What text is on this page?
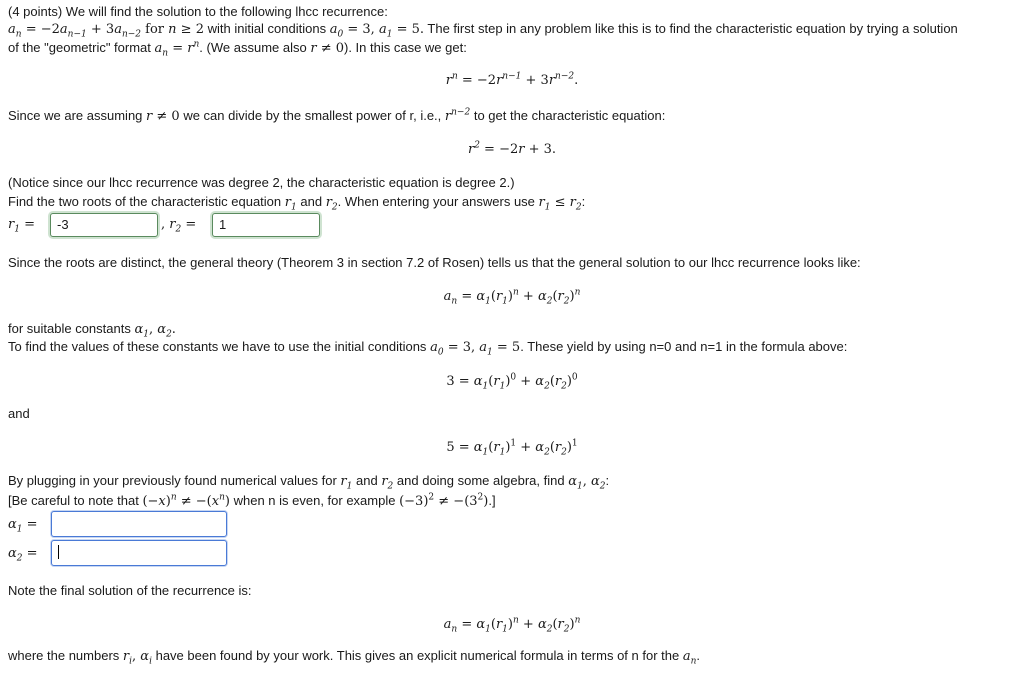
(4 points) We will find the solution to the following lhcc recurrence:
$a_n = -2a_{n-1} + 3a_{n-2}$ for n ≥ 2 with initial conditions $a_0 = 3$, $a_1 = 5$. The first step in any problem like this is to find the characteristic equation by trying a solution
of the "geometric" format $a_n = r^n$. (We assume also r ≠ 0). In this case we get:
$r^n = -2r^{n-1} + 3r^{n-2}$.
Since we are assuming r ≠ 0 we can divide by the smallest power of r, i.e., $r^{n-2}$ to get the characteristic equation:
$r^2 = -2r + 3$.
(Notice since our lhcc recurrence was degree 2, the characteristic equation is degree 2.)
Find the two roots of the characteristic equation $r_1$ and $r_2$. When entering your answers use $r_1 \le r_2$:
$r_1$ =	-3	, $r_2$ =	1
Since the roots are distinct, the general theory (Theorem 3 in section 7.2 of Rosen) tells us that the general solution to our lhcc recurrence looks like:
$a_n = \alpha_1(r_1)^n + \alpha_2(r_2)^n$
for suitable constants $\alpha_1$, $\alpha_2$.
To find the values of these constants we have to use the initial conditions $a_0 = 3$, $a_1 = 5$. These yield by using n=0 and n=1 in the formula above:
$3 = \alpha_1(r_1)^0 + \alpha_2(r_2)^0$
and
$5 = \alpha_1(r_1)^1 + \alpha_2(r_2)^1$
By plugging in your previously found numerical values for $r_1$ and $r_2$ and doing some algebra, find $\alpha_1$, $\alpha_2$:
[Be careful to note that $(-x)^n \ne -(x^n)$ when n is even, for example $(-3)^2 \ne -(3^2)$.]
$\alpha_1$ =
$\alpha_2$ =
Note the final solution of the recurrence is:
$a_n = \alpha_1(r_1)^n + \alpha_2(r_2)^n$
where the numbers $r_i$, $\alpha_i$ have been found by your work. This gives an explicit numerical formula in terms of n for the $a_n$.
